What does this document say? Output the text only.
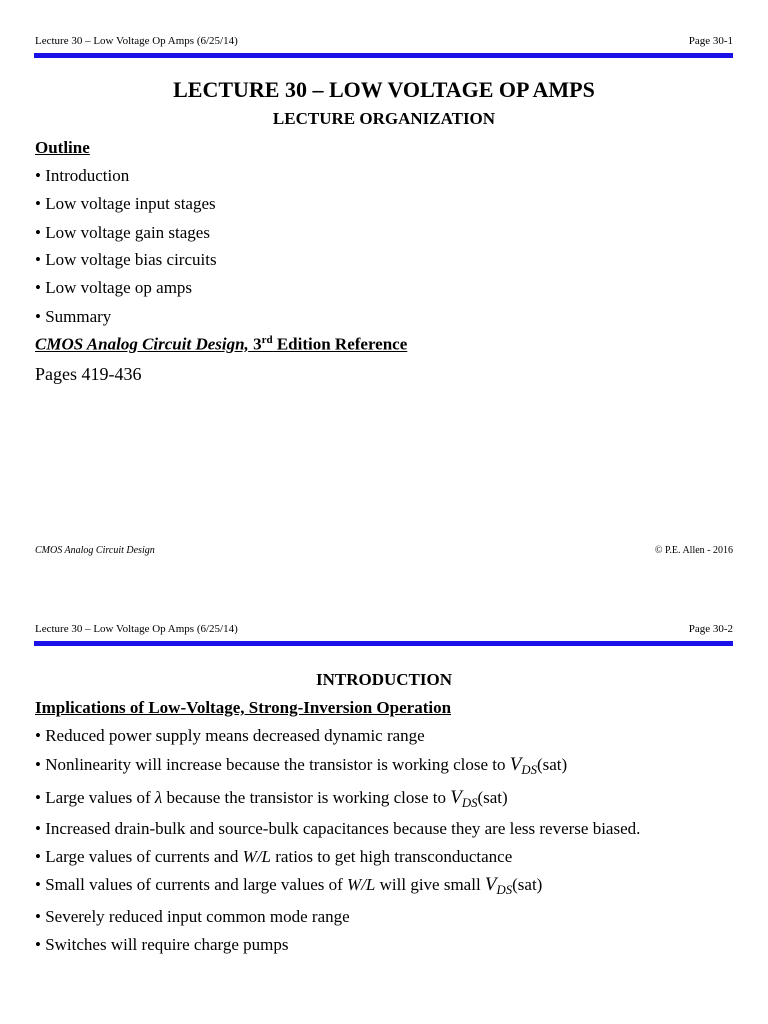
Lecture 30 – Low Voltage Op Amps (6/25/14)	Page 30-1
LECTURE 30 – LOW VOLTAGE OP AMPS
LECTURE ORGANIZATION
Outline
• Introduction
• Low voltage input stages
• Low voltage gain stages
• Low voltage bias circuits
• Low voltage op amps
• Summary
CMOS Analog Circuit Design, 3rd Edition Reference
Pages 419-436
CMOS Analog Circuit Design	© P.E. Allen - 2016
Lecture 30 – Low Voltage Op Amps (6/25/14)	Page 30-2
INTRODUCTION
Implications of Low-Voltage, Strong-Inversion Operation
• Reduced power supply means decreased dynamic range
• Nonlinearity will increase because the transistor is working close to $V_{DS}(sat)$
• Large values of λ because the transistor is working close to $V_{DS}(sat)$
• Increased drain-bulk and source-bulk capacitances because they are less reverse biased.
• Large values of currents and W/L ratios to get high transconductance
• Small values of currents and large values of W/L will give small $V_{DS}(sat)$
• Severely reduced input common mode range
• Switches will require charge pumps
